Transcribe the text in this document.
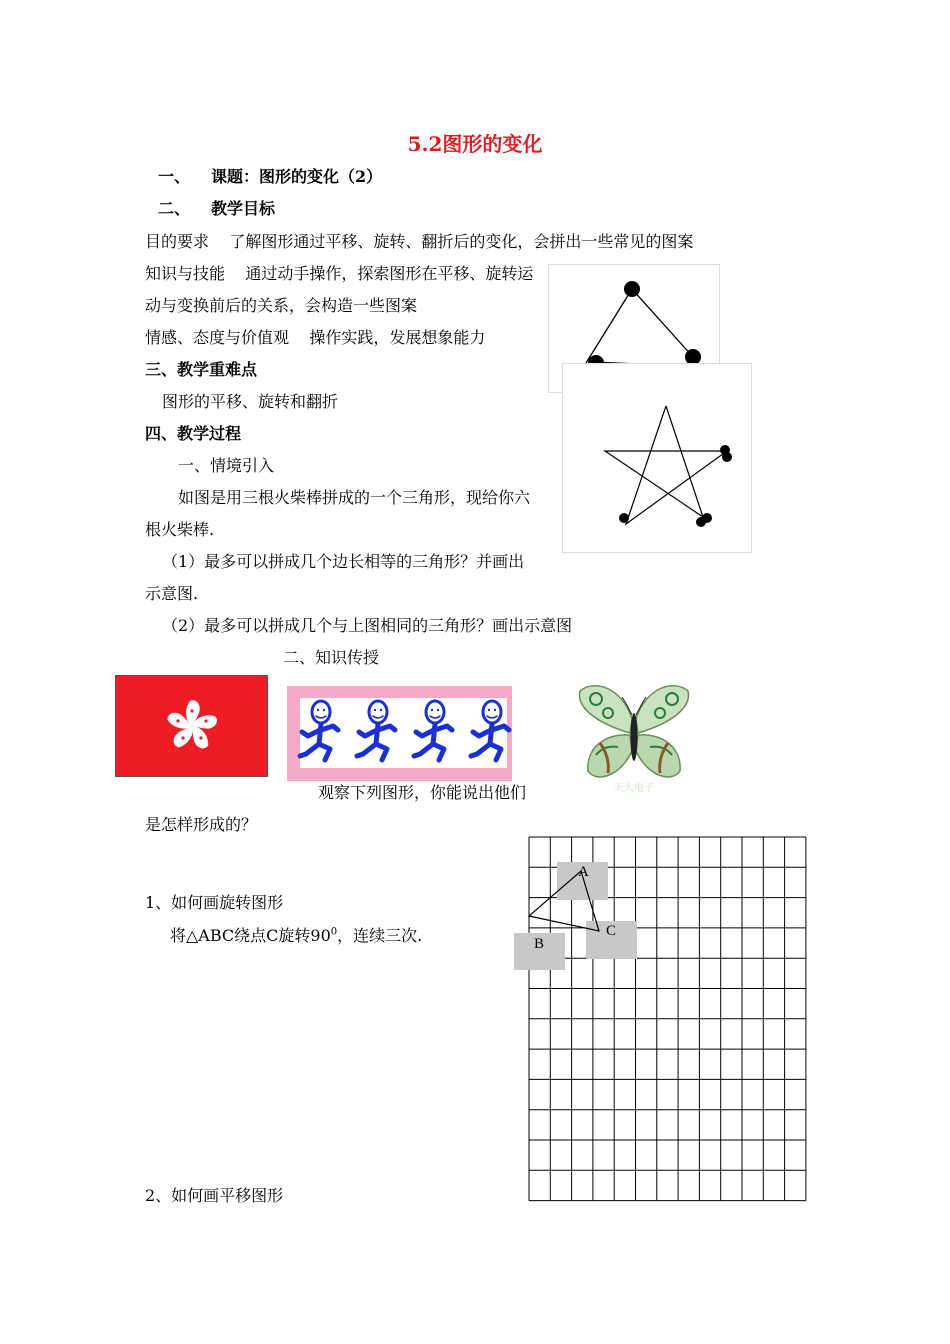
5.2图形的变化
一、 课题：图形的变化（2）
二、 教学目标
目的要求    了解图形通过平移、旋转、翻折后的变化，会拼出一些常见的图案
知识与技能    通过动手操作，探索图形在平移、旋转运
动与变换前后的关系，会构造一些图案
情感、态度与价值观    操作实践，发展想象能力
三、教学重难点
图形的平移、旋转和翻折
四、教学过程
一、情境引入
如图是用三根火柴棒拼成的一个三角形，现给你六
根火柴棒.
（1）最多可以拼成几个边长相等的三角形？并画出
示意图.
（2）最多可以拼成几个与上图相同的三角形？画出示意图
二、知识传授
天大电子
观察下列图形，你能说出他们
是怎样形成的？
1、如何画旋转图形
将△ABC绕点C旋转$90^0$，连续三次.
A
B
C
2、如何画平移图形
